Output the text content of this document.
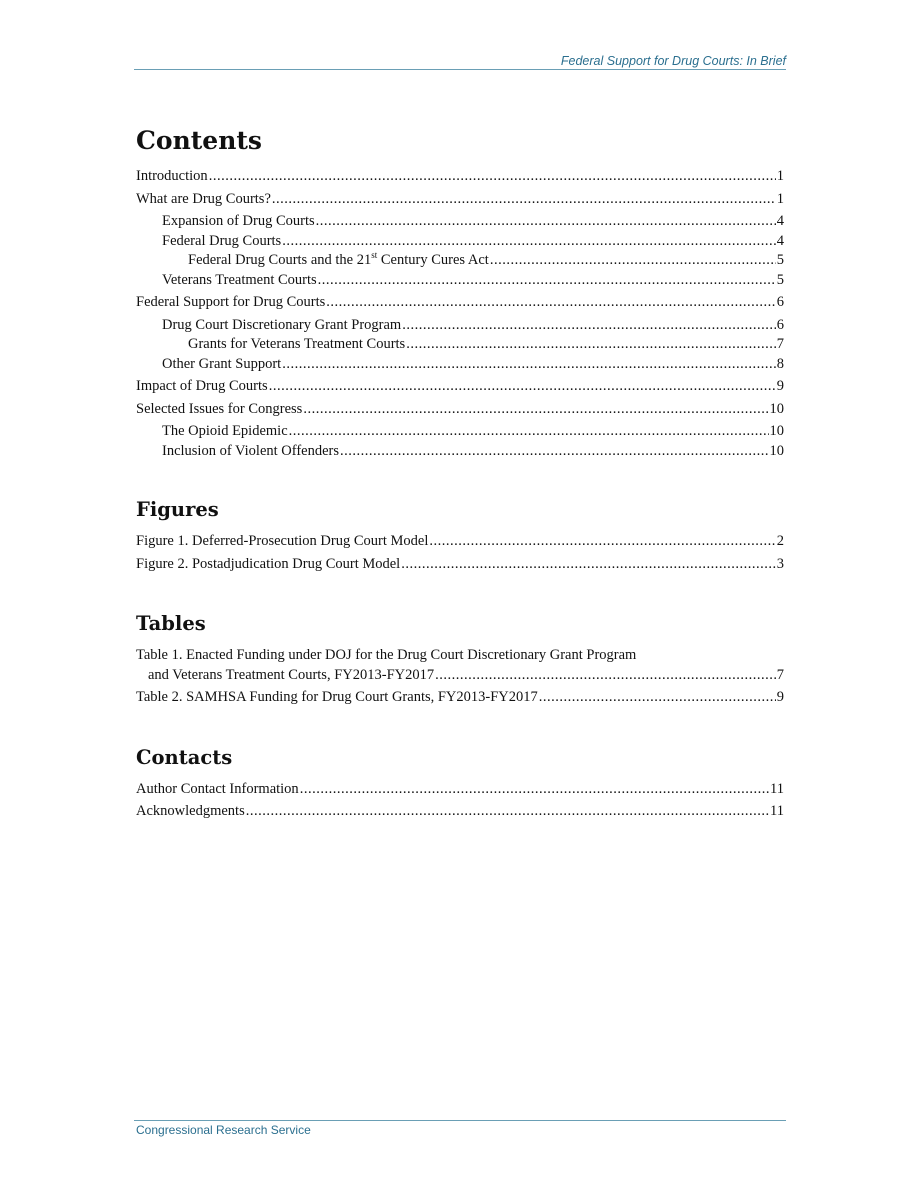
Federal Support for Drug Courts: In Brief
Contents
Introduction .....	1
What are Drug Courts? .....	1
Expansion of Drug Courts .....	4
Federal Drug Courts .....	4
Federal Drug Courts and the 21st Century Cures Act .....	5
Veterans Treatment Courts .....	5
Federal Support for Drug Courts .....	6
Drug Court Discretionary Grant Program .....	6
Grants for Veterans Treatment Courts .....	7
Other Grant Support .....	8
Impact of Drug Courts .....	9
Selected Issues for Congress .....	10
The Opioid Epidemic .....	10
Inclusion of Violent Offenders .....	10
Figures
Figure 1. Deferred-Prosecution Drug Court Model .....	2
Figure 2. Postadjudication Drug Court Model .....	3
Tables
Table 1. Enacted Funding under DOJ for the Drug Court Discretionary Grant Program
and Veterans Treatment Courts, FY2013-FY2017 .....	7
Table 2. SAMHSA Funding for Drug Court Grants, FY2013-FY2017 .....	9
Contacts
Author Contact Information .....	11
Acknowledgments .....	11
Congressional Research Service
